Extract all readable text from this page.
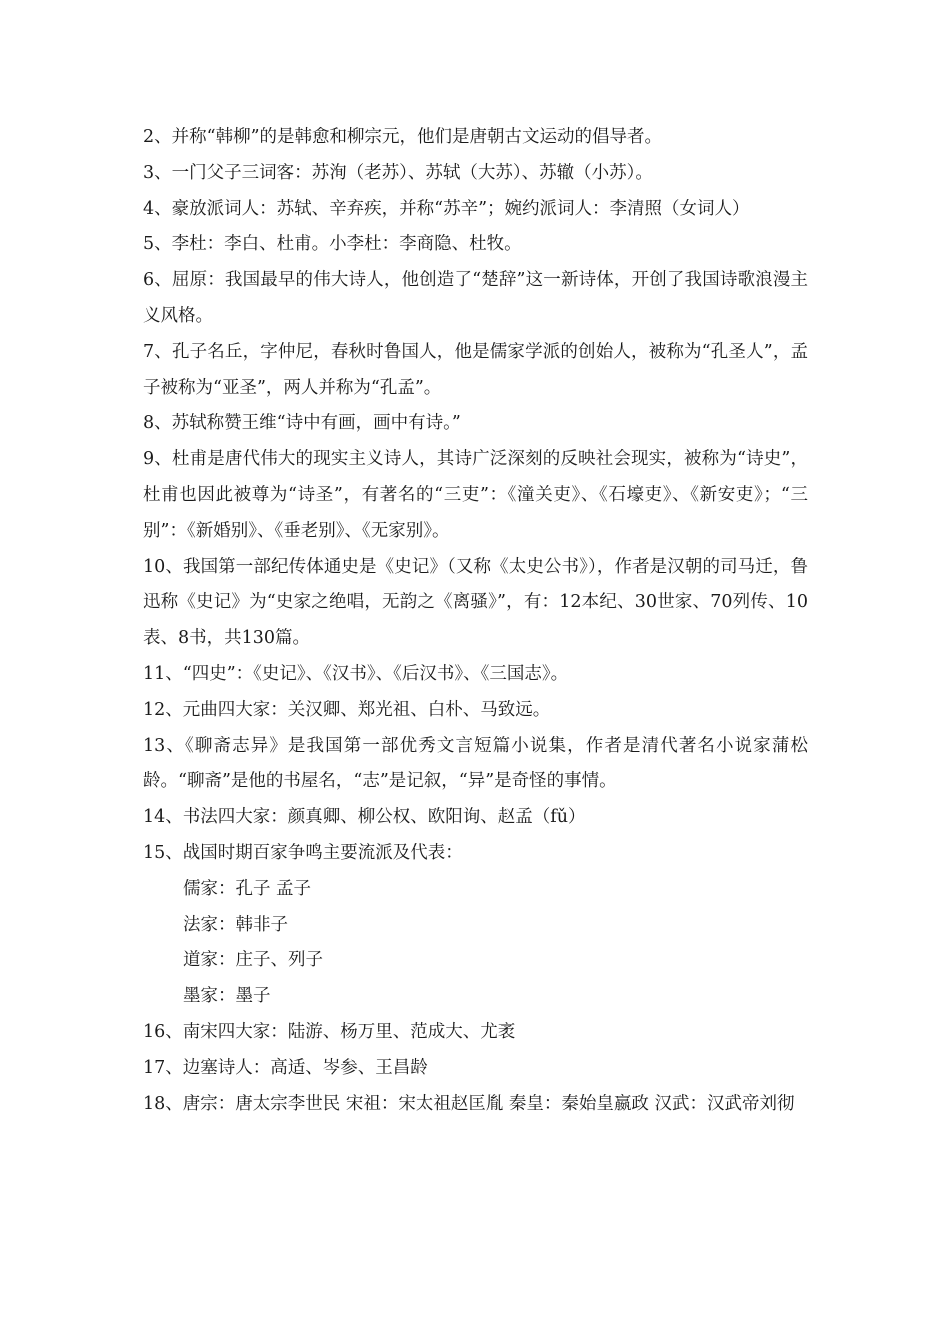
2、并称“韩柳”的是韩愈和柳宗元，他们是唐朝古文运动的倡导者。

3、一门父子三词客：苏洵（老苏）、苏轼（大苏）、苏辙（小苏）。

4、豪放派词人：苏轼、辛弃疾，并称“苏辛”；婉约派词人：李清照（女词人）

5、李杜：李白、杜甫。小李杜：李商隐、杜牧。

6、屈原：我国最早的伟大诗人，他创造了“楚辞”这一新诗体，开创了我国诗歌浪漫主义风格。

7、孔子名丘，字仲尼，春秋时鲁国人，他是儒家学派的创始人，被称为“孔圣人”，孟子被称为“亚圣”，两人并称为“孔孟”。

8、苏轼称赞王维“诗中有画，画中有诗。”

9、杜甫是唐代伟大的现实主义诗人，其诗广泛深刻的反映社会现实，被称为“诗史”，杜甫也因此被尊为“诗圣”，有著名的“三吏”：《潼关吏》、《石壕吏》、《新安吏》；“三别”：《新婚别》、《垂老别》、《无家别》。

10、我国第一部纪传体通史是《史记》（又称《太史公书》），作者是汉朝的司马迁，鲁迅称《史记》为“史家之绝唱，无韵之《离骚》”，有：12本纪、30世家、70列传、10表、8书，共130篇。

11、“四史”：《史记》、《汉书》、《后汉书》、《三国志》。

12、元曲四大家：关汉卿、郑光祖、白朴、马致远。

13、《聊斋志异》是我国第一部优秀文言短篇小说集，作者是清代著名小说家蒲松龄。“聊斋”是他的书屋名，“志”是记叙，“异”是奇怪的事情。

14、书法四大家：颜真卿、柳公权、欧阳询、赵孟（fǔ）

15、战国时期百家争鸣主要流派及代表：

儒家：孔子 孟子

法家：韩非子

道家：庄子、列子

墨家：墨子

16、南宋四大家：陆游、杨万里、范成大、尤袤

17、边塞诗人：高适、岑参、王昌龄

18、唐宗：唐太宗李世民 宋祖：宋太祖赵匡胤 秦皇：秦始皇嬴政 汉武：汉武帝刘彻
